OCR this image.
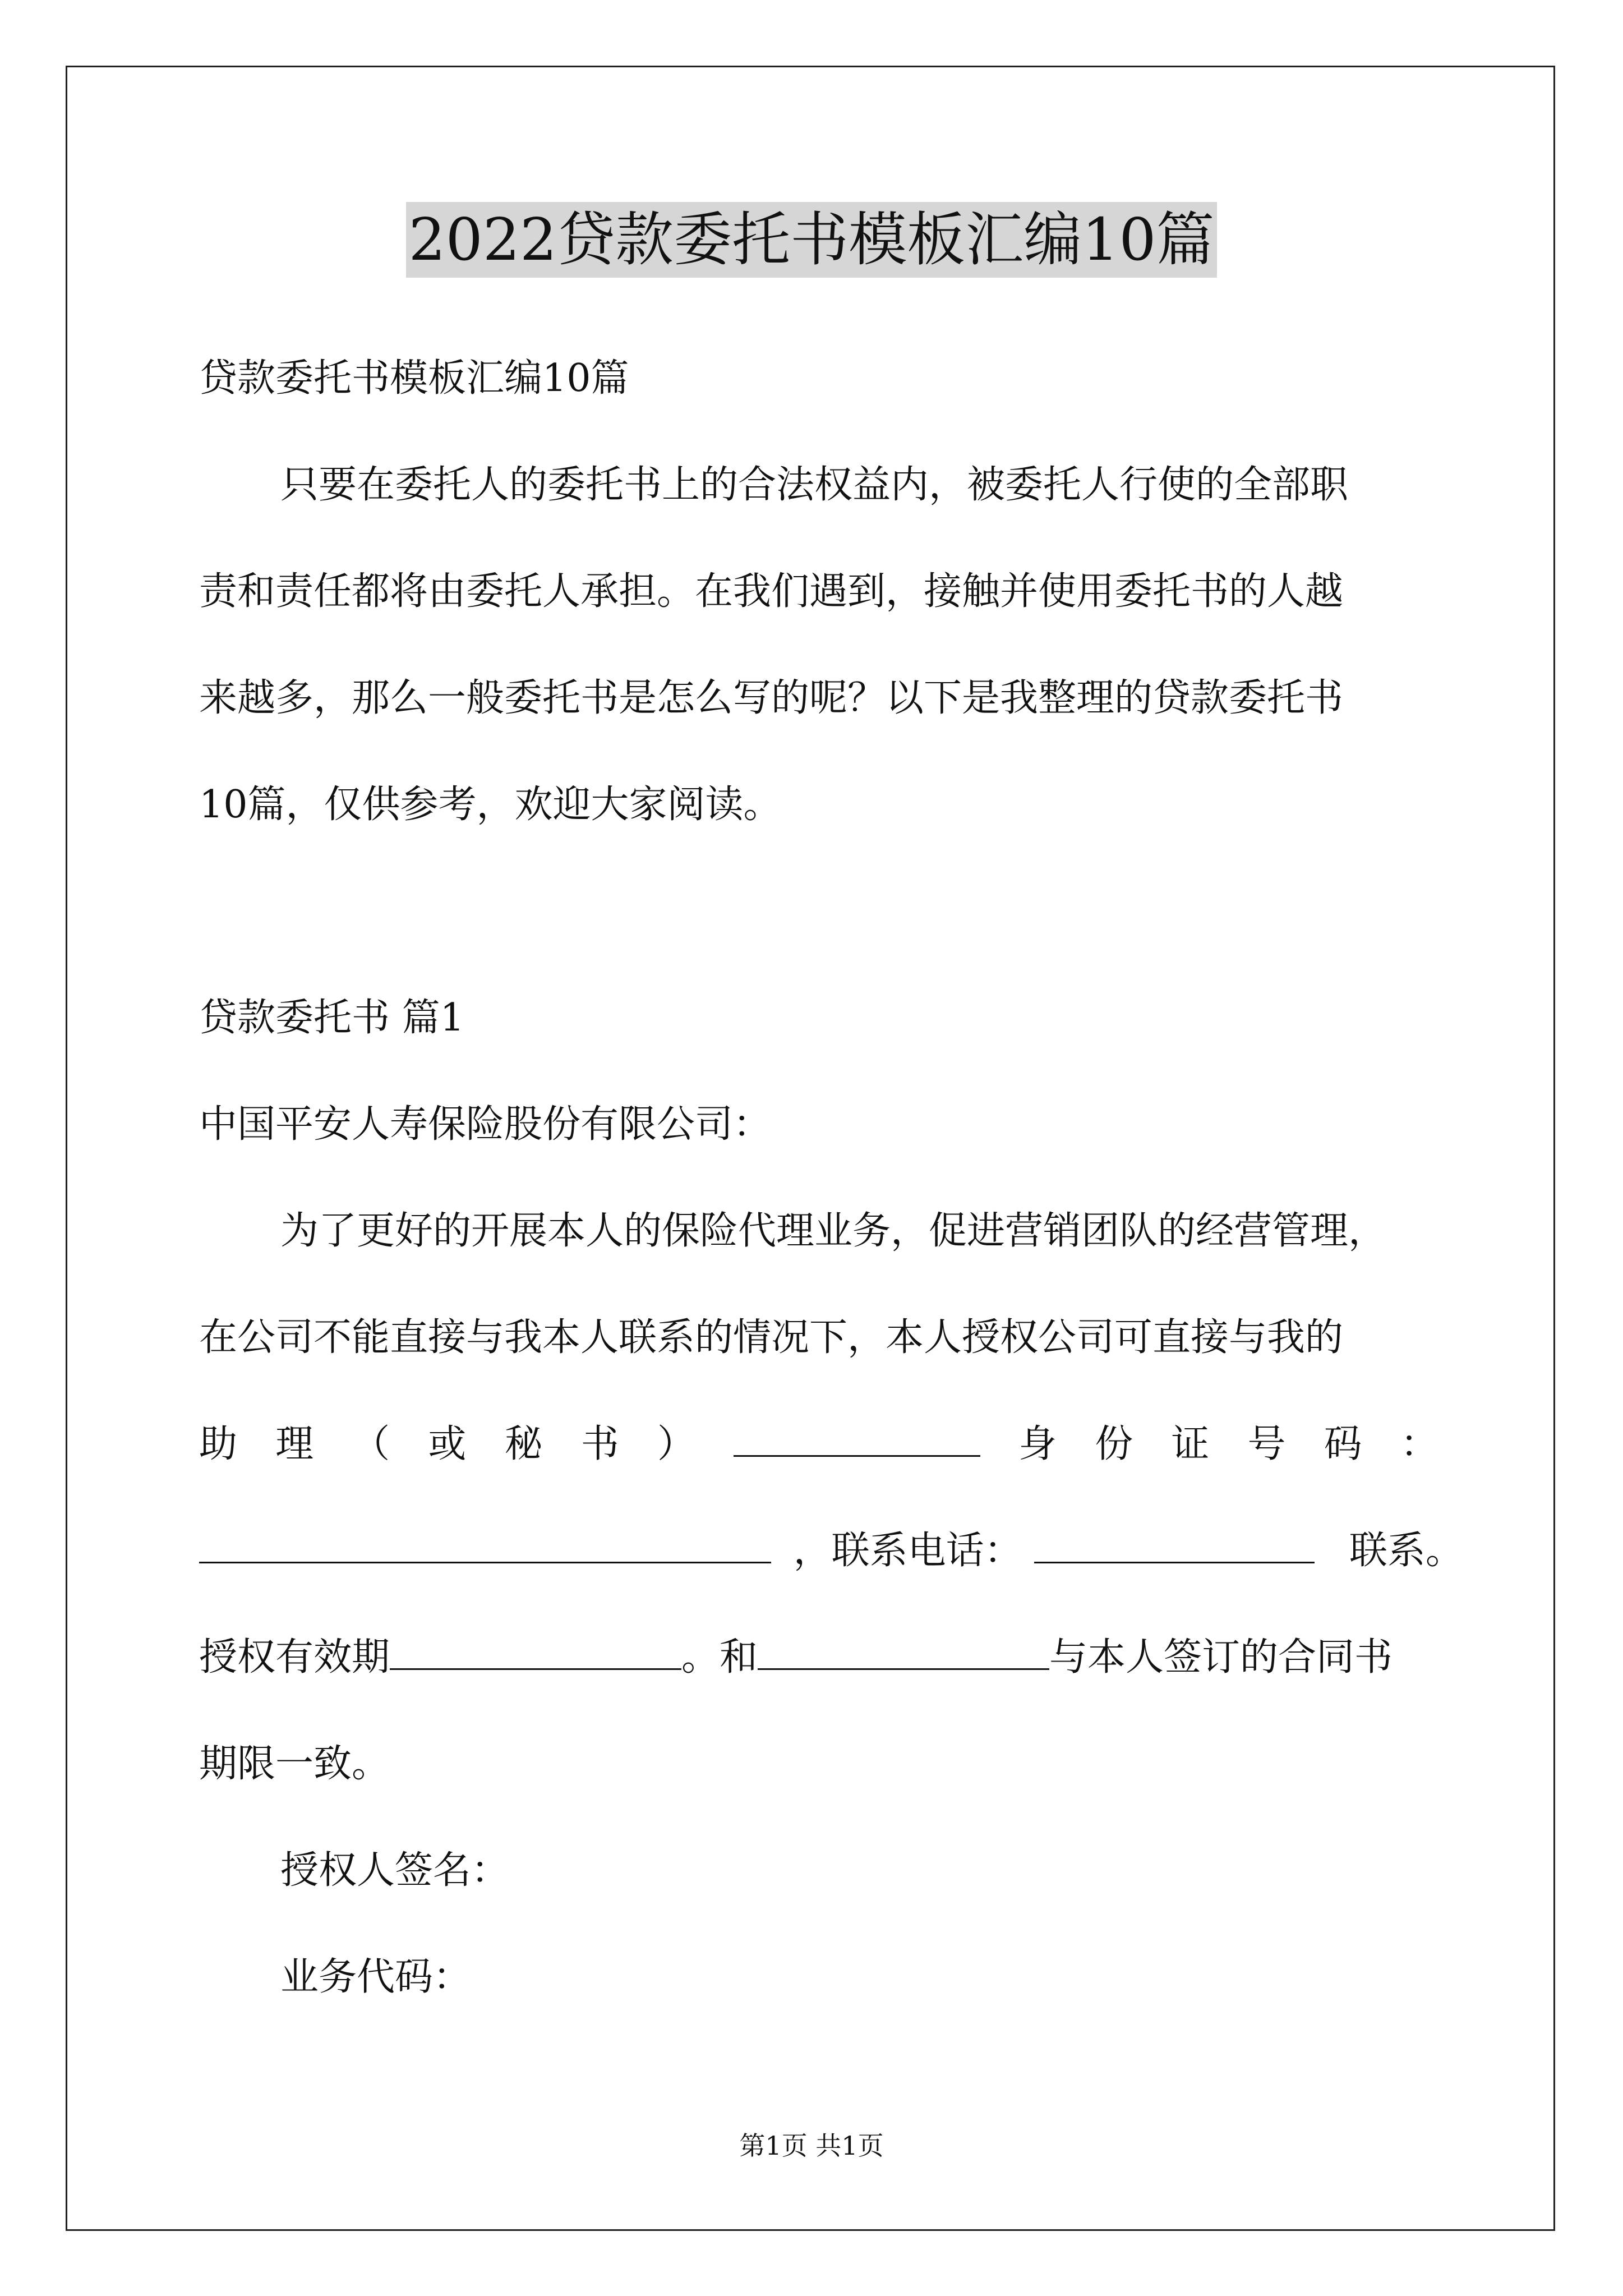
2022贷款委托书模板汇编10篇
贷款委托书模板汇编10篇
只要在委托人的委托书上的合法权益内，被委托人行使的全部职
责和责任都将由委托人承担。在我们遇到，接触并使用委托书的人越
来越多，那么一般委托书是怎么写的呢？以下是我整理的贷款委托书
10篇，仅供参考，欢迎大家阅读。
贷款委托书 篇1
中国平安人寿保险股份有限公司：
为了更好的开展本人的保险代理业务，促进营销团队的经营管理，
在公司不能直接与我本人联系的情况下，本人授权公司可直接与我的
助 理 （ 或 秘 书 ）	身 份 证 号 码 ：
，联系电话：	联系。
授权有效期	。和	与本人签订的合同书
期限一致。
授权人签名：
业务代码：
第1页 共1页
